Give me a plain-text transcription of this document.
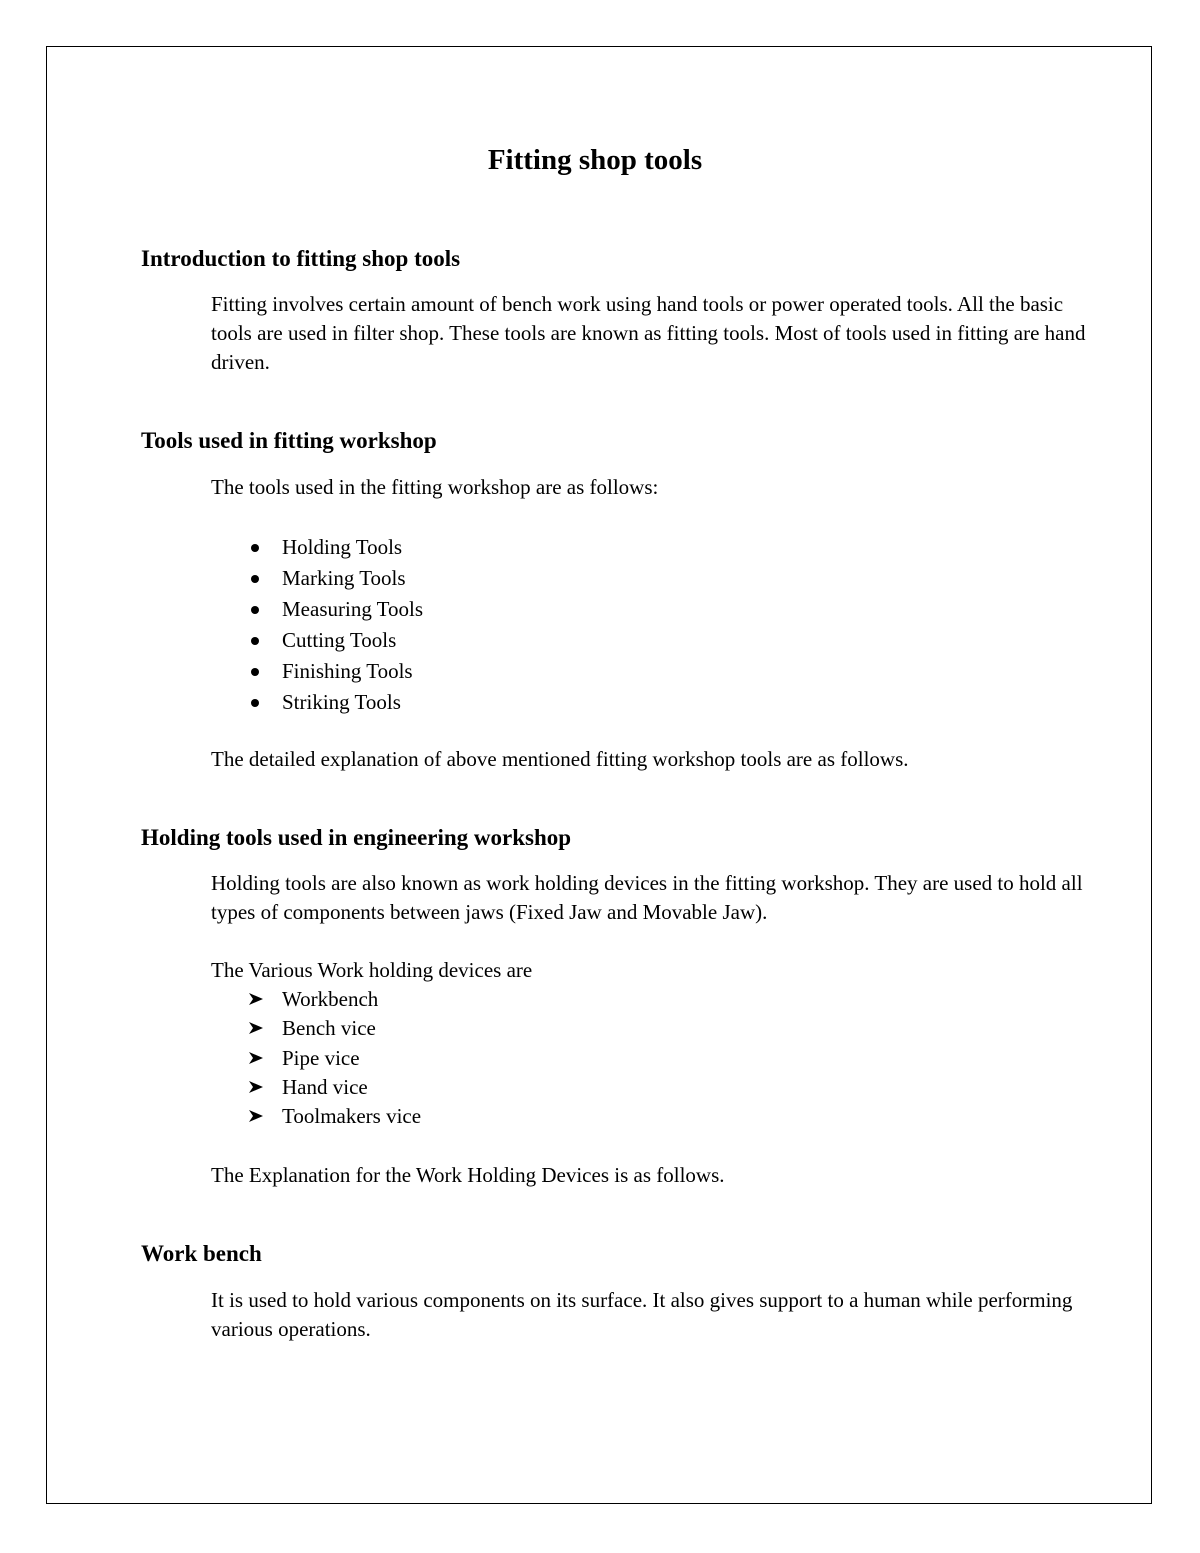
Fitting shop tools
Introduction to fitting shop tools

Fitting involves certain amount of bench work using hand tools or power operated tools. All the basic tools are used in filter shop. These tools are known as fitting tools. Most of tools used in fitting are hand driven.

Tools used in fitting workshop

The tools used in the fitting workshop are as follows:

Holding Tools
Marking Tools
Measuring Tools
Cutting Tools
Finishing Tools
Striking Tools

The detailed explanation of above mentioned fitting workshop tools are as follows.

Holding tools used in engineering workshop

Holding tools are also known as work holding devices in the fitting workshop. They are used to hold all types of components between jaws (Fixed Jaw and Movable Jaw).

The Various Work holding devices are

Workbench
Bench vice
Pipe vice
Hand vice
Toolmakers vice

The Explanation for the Work Holding Devices is as follows.

Work bench

It is used to hold various components on its surface. It also gives support to a human while performing various operations.
